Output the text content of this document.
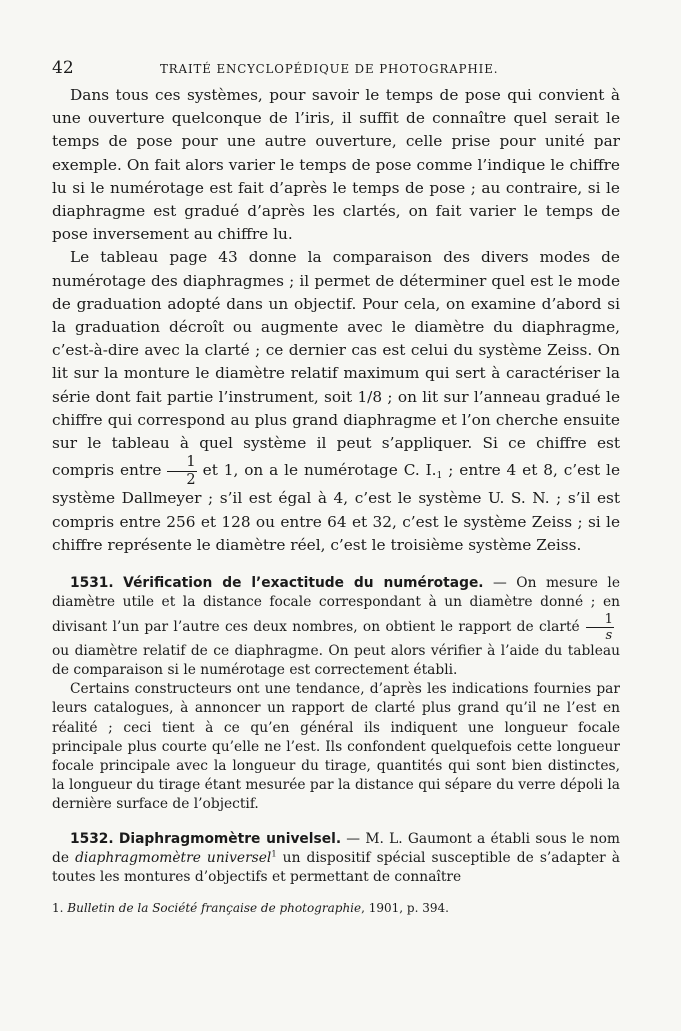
42	TRAITÉ ENCYCLOPÉDIQUE DE PHOTOGRAPHIE.

Dans tous ces systèmes, pour savoir le temps de pose qui convient à une ouverture quelconque de l’iris, il suffit de connaître quel serait le temps de pose pour une autre ouverture, celle prise pour unité par exemple. On fait alors varier le temps de pose comme l’indique le chiffre lu si le numérotage est fait d’après le temps de pose ; au contraire, si le diaphragme est gradué d’après les clartés, on fait varier le temps de pose inversement au chiffre lu.

Le tableau page 43 donne la comparaison des divers modes de numérotage des diaphragmes ; il permet de déterminer quel est le mode de graduation adopté dans un objectif. Pour cela, on examine d’abord si la graduation décroît ou augmente avec le diamètre du diaphragme, c’est-à-dire avec la clarté ; ce dernier cas est celui du système Zeiss. On lit sur la monture le diamètre relatif maximum qui sert à caractériser la série dont fait partie l’instrument, soit 1/8 ; on lit sur l’anneau gradué le chiffre qui correspond au plus grand diaphragme et l’on cherche ensuite sur le tableau à quel système il peut s’appliquer. Si ce chiffre est compris entre $\frac{1}{2}$ et 1, on a le numérotage C. $I._1$ ; entre 4 et 8, c’est le système Dallmeyer ; s’il est égal à 4, c’est le système U. S. N. ; s’il est compris entre 256 et 128 ou entre 64 et 32, c’est le système Zeiss ; si le chiffre représente le diamètre réel, c’est le troisième système Zeiss.

1531. Vérification de l’exactitude du numérotage. — On mesure le diamètre utile et la distance focale correspondant à un diamètre donné ; en divisant l’un par l’autre ces deux nombres, on obtient le rapport de clarté $\frac{1}{s}$
ou diamètre relatif de ce diaphragme. On peut alors vérifier à l’aide du tableau de comparaison si le numérotage est correctement établi.

Certains constructeurs ont une tendance, d’après les indications fournies par leurs catalogues, à annoncer un rapport de clarté plus grand qu’il ne l’est en réalité ; ceci tient à ce qu’en général ils indiquent une longueur focale principale plus courte qu’elle ne l’est. Ils confondent quelquefois cette longueur focale principale avec la longueur du tirage, quantités qui sont bien distinctes, la longueur du tirage étant mesurée par la distance qui sépare du verre dépoli la dernière surface de l’objectif.

1532. Diaphragmomètre univelsel. — M. L. Gaumont a établi sous le nom de diaphragmomètre universel$^1$ un dispositif spécial susceptible de s’adapter à toutes les montures d’objectifs et permettant de connaître

1. Bulletin de la Société française de photographie, 1901, p. 394.
